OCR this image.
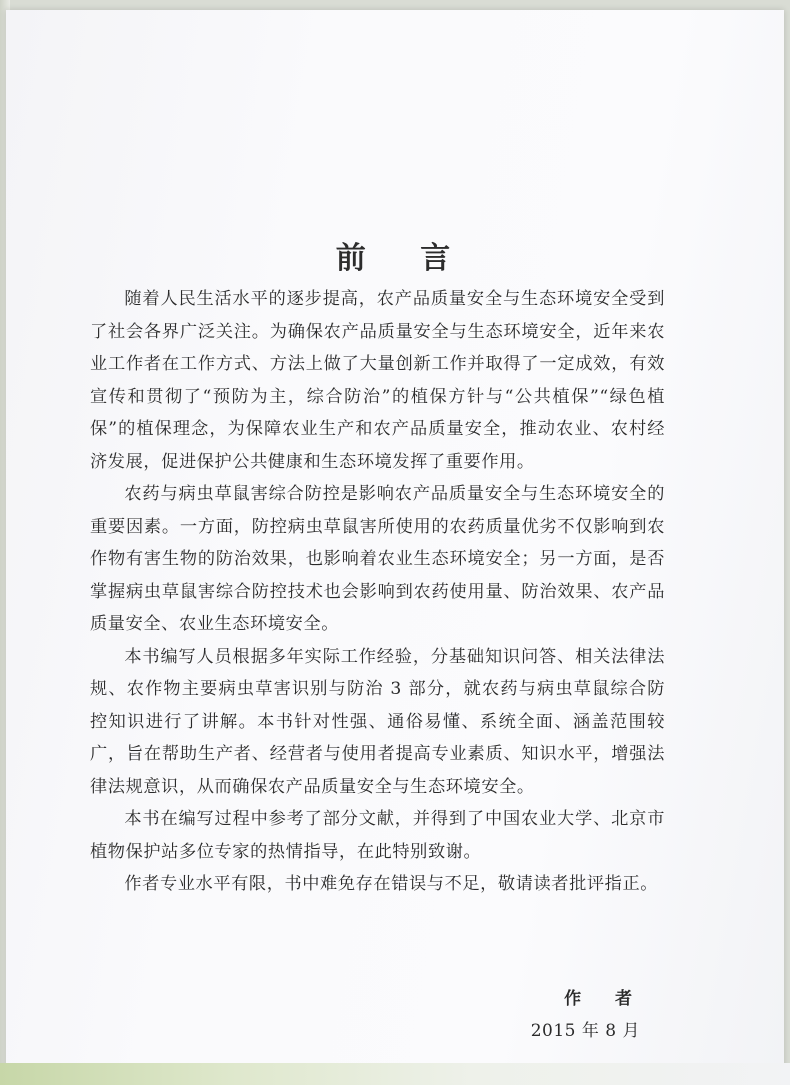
前 言

随着人民生活水平的逐步提高，农产品质量安全与生态环境安全受到了社会各界广泛关注。为确保农产品质量安全与生态环境安全，近年来农业工作者在工作方式、方法上做了大量创新工作并取得了一定成效，有效宣传和贯彻了“预防为主，综合防治”的植保方针与“公共植保”“绿色植保”的植保理念，为保障农业生产和农产品质量安全，推动农业、农村经济发展，促进保护公共健康和生态环境发挥了重要作用。

农药与病虫草鼠害综合防控是影响农产品质量安全与生态环境安全的重要因素。一方面，防控病虫草鼠害所使用的农药质量优劣不仅影响到农作物有害生物的防治效果，也影响着农业生态环境安全；另一方面，是否掌握病虫草鼠害综合防控技术也会影响到农药使用量、防治效果、农产品质量安全、农业生态环境安全。

本书编写人员根据多年实际工作经验，分基础知识问答、相关法律法规、农作物主要病虫草害识别与防治 3 部分，就农药与病虫草鼠综合防控知识进行了讲解。本书针对性强、通俗易懂、系统全面、涵盖范围较广，旨在帮助生产者、经营者与使用者提高专业素质、知识水平，增强法律法规意识，从而确保农产品质量安全与生态环境安全。

本书在编写过程中参考了部分文献，并得到了中国农业大学、北京市植物保护站多位专家的热情指导，在此特别致谢。

作者专业水平有限，书中难免存在错误与不足，敬请读者批评指正。

作 者
2015 年 8 月
